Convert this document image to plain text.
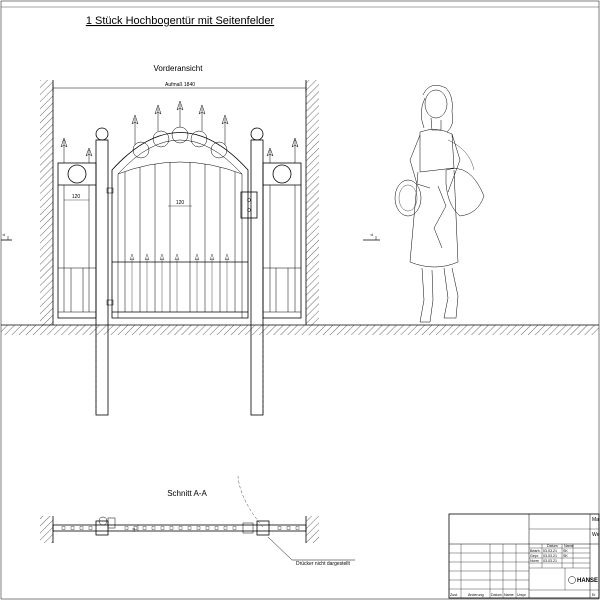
1 Stück Hochbogentür mit Seitenfelder
Vorderansicht
Aufmaß 1840
120
120
A	A
Schnitt A-A
40
Drücker nicht dargestellt
Datum Name
Bearb. 03.03.21 SK
Gepr. 03.03.21 SK
Norm 03.03.21
Zust.	Änderung Datum Name Urspr.
HANSE
Ma
We
Er
